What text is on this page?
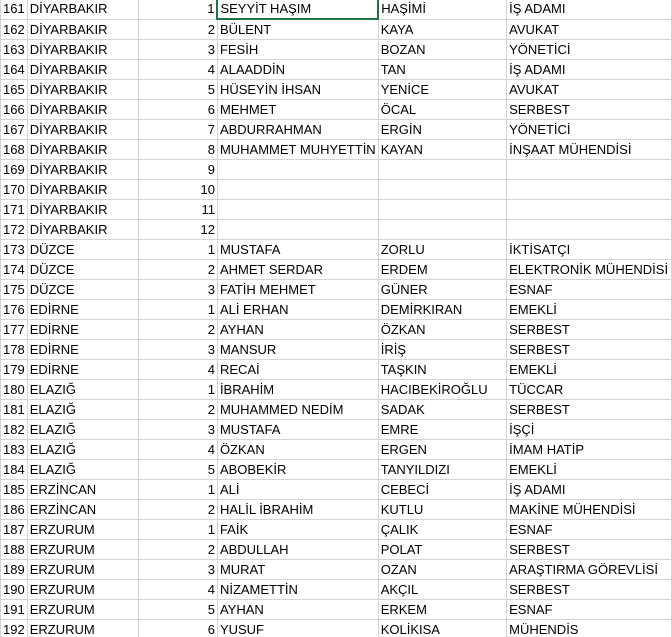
161	DİYARBAKIR	1	SEYYİT HAŞIM	HAŞİMİ	İŞ ADAMI
162	DİYARBAKIR	2	BÜLENT	KAYA	AVUKAT
163	DİYARBAKIR	3	FESİH	BOZAN	YÖNETİCİ
164	DİYARBAKIR	4	ALAADDİN	TAN	İŞ ADAMI
165	DİYARBAKIR	5	HÜSEYİN İHSAN	YENİCE	AVUKAT
166	DİYARBAKIR	6	MEHMET	ÖCAL	SERBEST
167	DİYARBAKIR	7	ABDURRAHMAN	ERGİN	YÖNETİCİ
168	DİYARBAKIR	8	MUHAMMET MUHYETTİN	KAYAN	İNŞAAT MÜHENDİSİ
169	DİYARBAKIR	9			
170	DİYARBAKIR	10			
171	DİYARBAKIR	11			
172	DİYARBAKIR	12			
173	DÜZCE	1	MUSTAFA	ZORLU	İKTİSATÇI
174	DÜZCE	2	AHMET SERDAR	ERDEM	ELEKTRONİK MÜHENDİSİ
175	DÜZCE	3	FATİH MEHMET	GÜNER	ESNAF
176	EDİRNE	1	ALİ ERHAN	DEMİRKIRAN	EMEKLİ
177	EDİRNE	2	AYHAN	ÖZKAN	SERBEST
178	EDİRNE	3	MANSUR	İRİŞ	SERBEST
179	EDİRNE	4	RECAİ	TAŞKIN	EMEKLİ
180	ELAZIĞ	1	İBRAHİM	HACIBEKİROĞLU	TÜCCAR
181	ELAZIĞ	2	MUHAMMED NEDİM	SADAK	SERBEST
182	ELAZIĞ	3	MUSTAFA	EMRE	İŞÇİ
183	ELAZIĞ	4	ÖZKAN	ERGEN	İMAM HATİP
184	ELAZIĞ	5	ABOBEKİR	TANYILDIZI	EMEKLİ
185	ERZİNCAN	1	ALİ	CEBECİ	İŞ ADAMI
186	ERZİNCAN	2	HALİL İBRAHİM	KUTLU	MAKİNE MÜHENDİSİ
187	ERZURUM	1	FAİK	ÇALIK	ESNAF
188	ERZURUM	2	ABDULLAH	POLAT	SERBEST
189	ERZURUM	3	MURAT	OZAN	ARAŞTIRMA GÖREVLİSİ
190	ERZURUM	4	NİZAMETTİN	AKÇIL	SERBEST
191	ERZURUM	5	AYHAN	ERKEM	ESNAF
192	ERZURUM	6	YUSUF	KOLİKISA	MÜHENDİS
